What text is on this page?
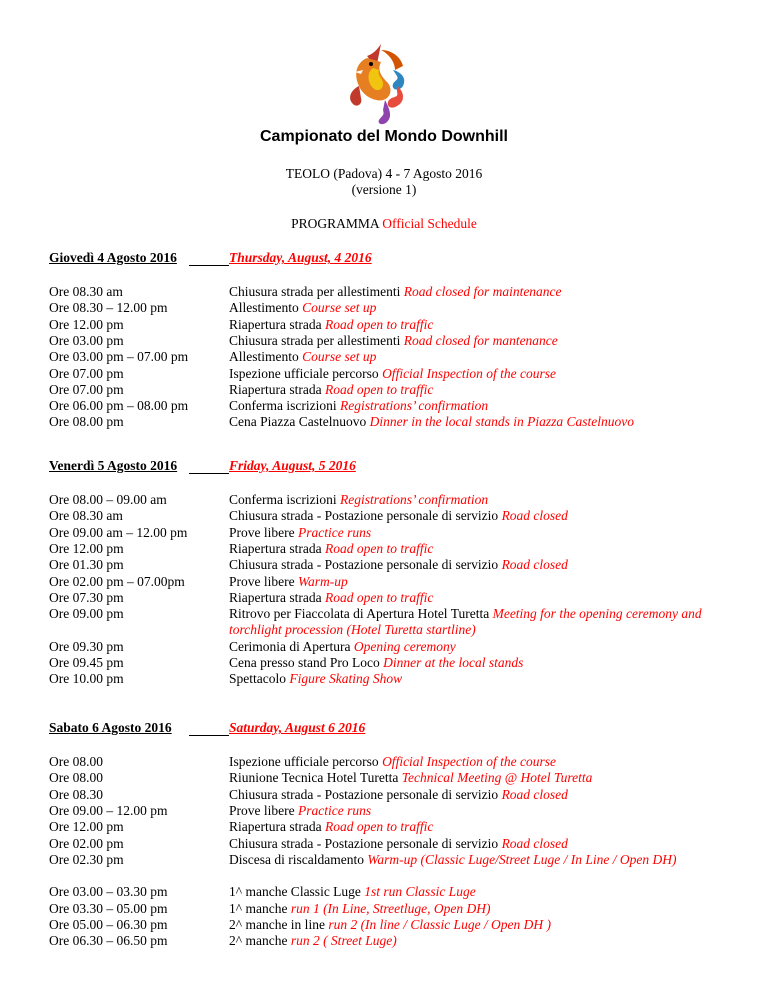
Campionato del Mondo Downhill
TEOLO (Padova) 4 - 7 Agosto 2016
(versione 1)
PROGRAMMA Official Schedule
Giovedì 4 Agosto 2016	Thursday, August, 4 2016
Ore 08.30 am	Chiusura strada per allestimenti Road closed for maintenance
Ore 08.30 – 12.00 pm	Allestimento Course set up
Ore 12.00 pm	Riapertura strada Road open to traffic
Ore 03.00 pm	Chiusura strada per allestimenti Road closed for mantenance
Ore 03.00 pm – 07.00 pm	Allestimento Course set up
Ore 07.00 pm	Ispezione ufficiale percorso Official Inspection of the course
Ore 07.00 pm	Riapertura strada Road open to traffic
Ore 06.00 pm – 08.00 pm	Conferma iscrizioni Registrations’ confirmation
Ore 08.00 pm	Cena Piazza Castelnuovo Dinner in the local stands in Piazza Castelnuovo
Venerdì 5 Agosto 2016	Friday, August, 5 2016
Ore 08.00 – 09.00 am	Conferma iscrizioni Registrations’ confirmation
Ore 08.30 am	Chiusura strada - Postazione personale di servizio Road closed
Ore 09.00 am – 12.00 pm	Prove libere Practice runs
Ore 12.00 pm	Riapertura strada Road open to traffic
Ore 01.30 pm	Chiusura strada - Postazione personale di servizio Road closed
Ore 02.00 pm – 07.00pm	Prove libere Warm-up
Ore 07.30 pm	Riapertura strada Road open to traffic
Ore 09.00 pm	Ritrovo per Fiaccolata di Apertura Hotel Turetta Meeting for the opening ceremony and torchlight procession (Hotel Turetta startline)
Ore 09.30 pm	Cerimonia di Apertura Opening ceremony
Ore 09.45 pm	Cena presso stand Pro Loco Dinner at the local stands
Ore 10.00 pm	Spettacolo Figure Skating Show
Sabato 6 Agosto 2016	Saturday, August 6 2016
Ore 08.00	Ispezione ufficiale percorso Official Inspection of the course
Ore 08.00	Riunione Tecnica Hotel Turetta Technical Meeting @ Hotel Turetta
Ore 08.30	Chiusura strada - Postazione personale di servizio Road closed
Ore 09.00 – 12.00 pm	Prove libere Practice runs
Ore 12.00 pm	Riapertura strada Road open to traffic
Ore 02.00 pm	Chiusura strada - Postazione personale di servizio Road closed
Ore 02.30 pm	Discesa di riscaldamento Warm-up (Classic Luge/Street Luge / In Line / Open DH)
Ore 03.00 – 03.30 pm	1^ manche Classic Luge 1st run Classic Luge
Ore 03.30 – 05.00 pm	1^ manche run 1 (In Line, Streetluge, Open DH)
Ore 05.00 – 06.30 pm	2^ manche in line run 2 (In line / Classic Luge / Open DH )
Ore 06.30 – 06.50 pm	2^ manche run 2 ( Street Luge)
